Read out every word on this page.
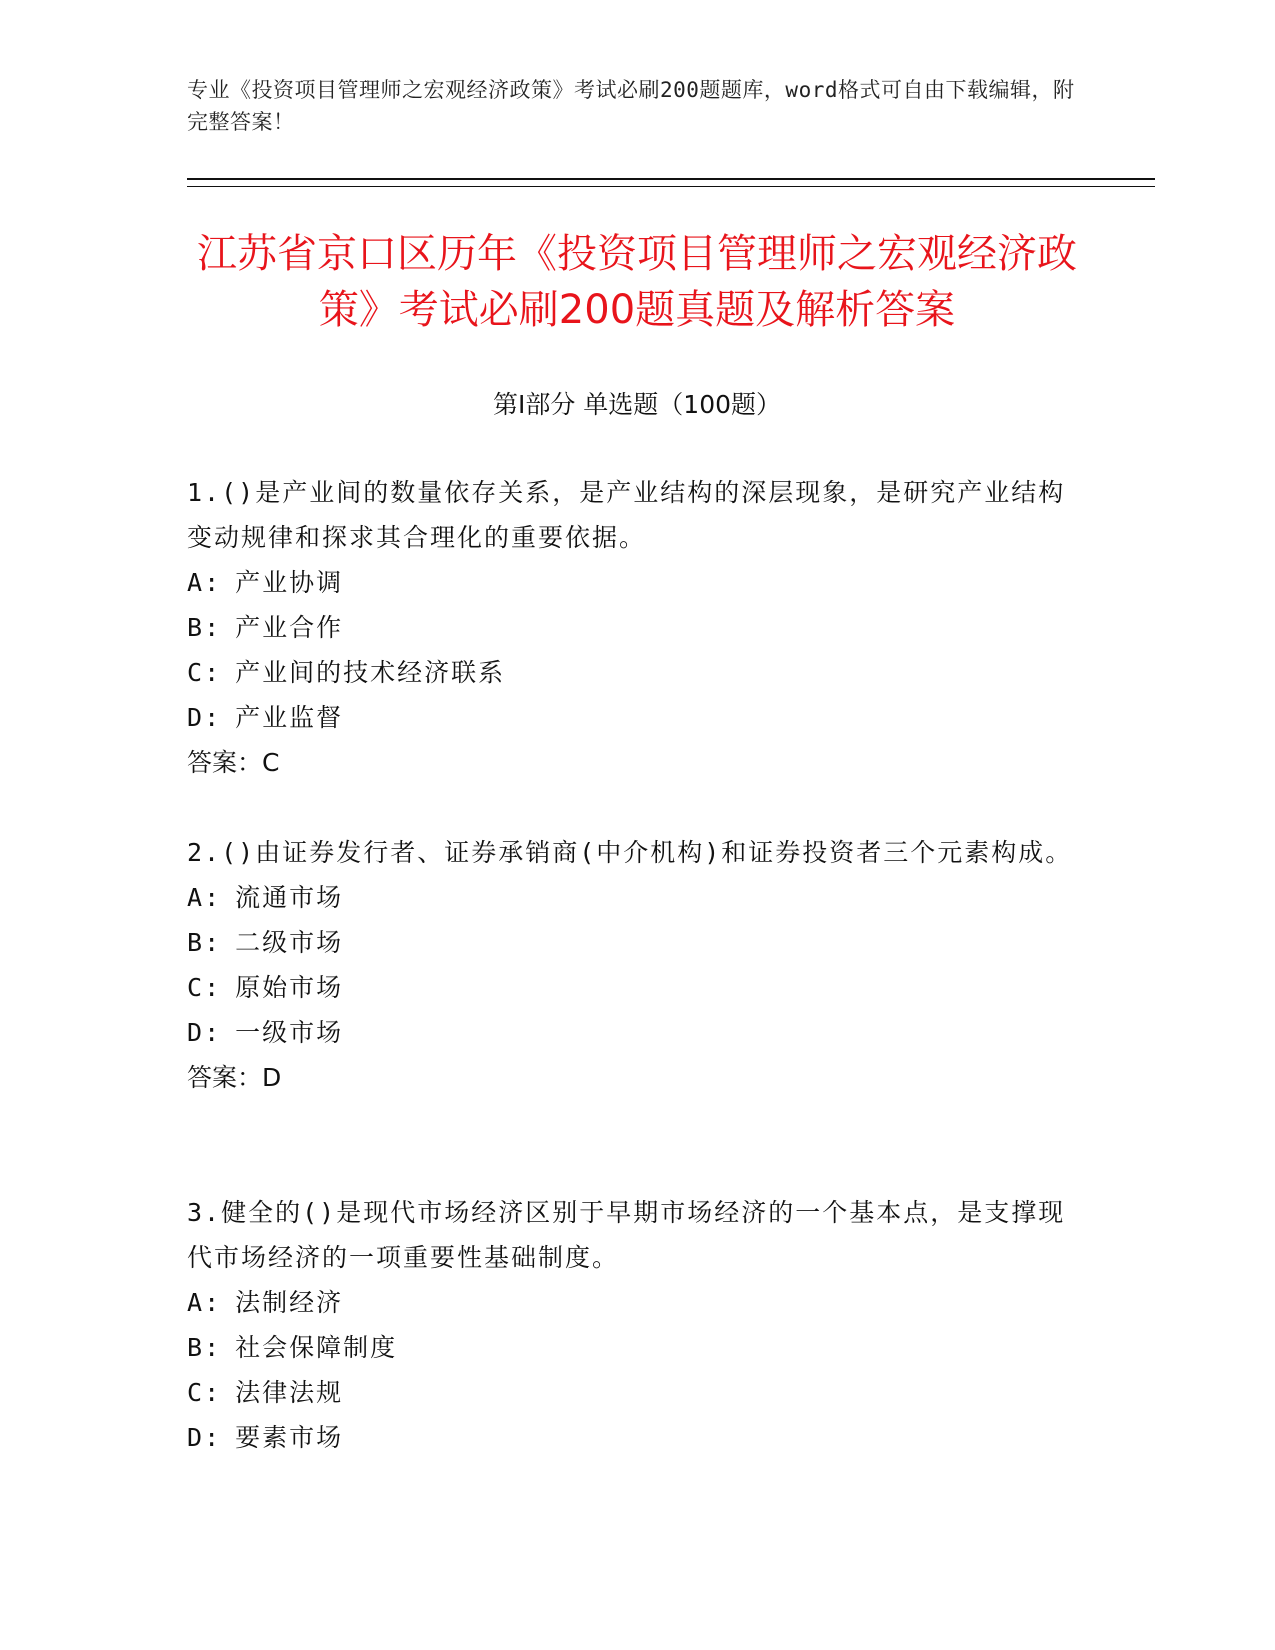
专业《投资项目管理师之宏观经济政策》考试必刷200题题库，word格式可自由下载编辑，附完整答案！
江苏省京口区历年《投资项目管理师之宏观经济政策》考试必刷200题真题及解析答案
第Ⅰ部分 单选题（100题）

1.()是产业间的数量依存关系，是产业结构的深层现象，是研究产业结构变动规律和探求其合理化的重要依据。

A : 产业协调
B : 产业合作
C : 产业间的技术经济联系
D : 产业监督

答案：C

2.()由证券发行者、证券承销商(中介机构)和证券投资者三个元素构成。

A : 流通市场
B : 二级市场
C : 原始市场
D : 一级市场

答案：D

3.健全的()是现代市场经济区别于早期市场经济的一个基本点，是支撑现代市场经济的一项重要性基础制度。

A : 法制经济
B : 社会保障制度
C : 法律法规
D : 要素市场
